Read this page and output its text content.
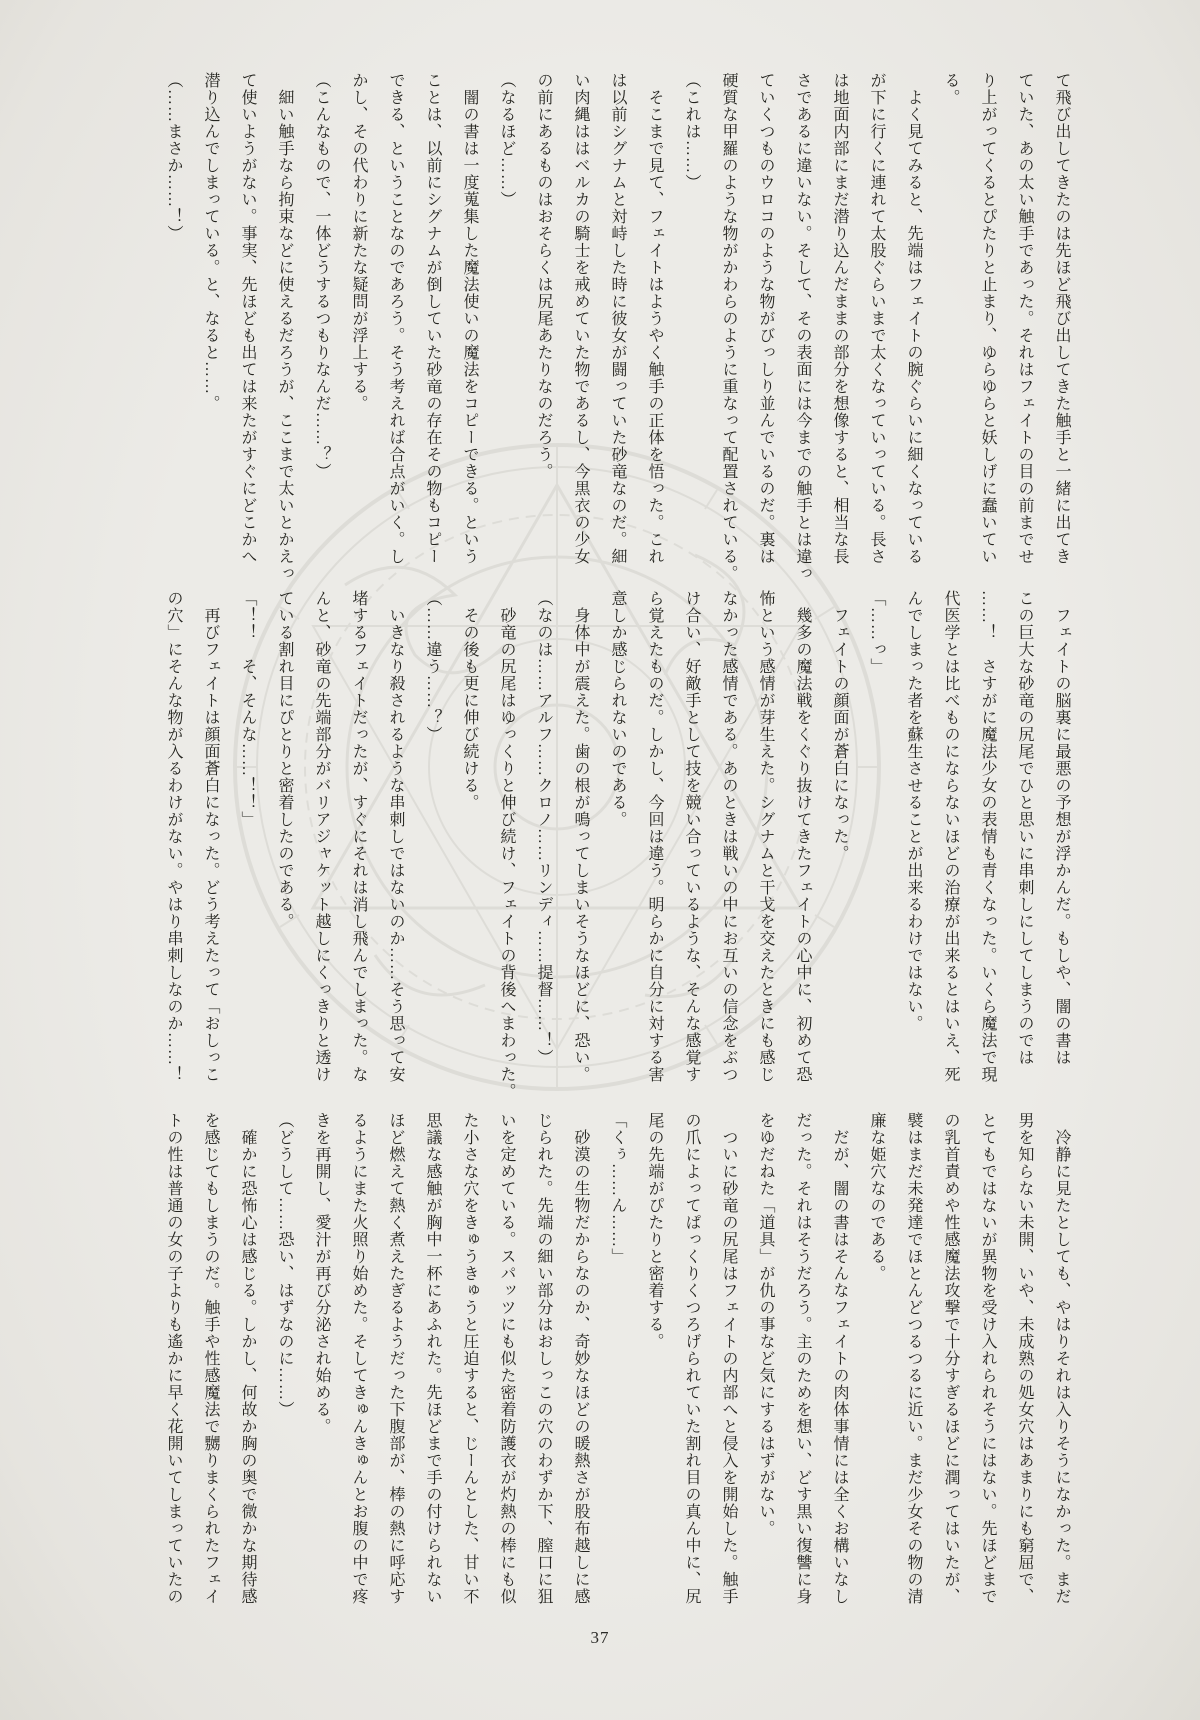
て飛び出してきたのは先ほど飛び出してきた触手と一緒に出てき

ていた、あの太い触手であった。それはフェイトの目の前までせ

り上がってくるとぴたりと止まり、ゆらゆらと妖しげに蠢いてい

る。

　よく見てみると、先端はフェイトの腕ぐらいに細くなっている

が下に行くに連れて太股ぐらいまで太くなっていっている。長さ

は地面内部にまだ潜り込んだままの部分を想像すると、相当な長

さであるに違いない。そして、その表面には今までの触手とは違っ

ていくつものウロコのような物がびっしり並んでいるのだ。裏は

硬質な甲羅のような物がかわらのように重なって配置されている。

（これは……）

　そこまで見て、フェイトはようやく触手の正体を悟った。これ

は以前シグナムと対峙した時に彼女が闘っていた砂竜なのだ。細

い肉縄ははベルカの騎士を戒めていた物であるし、今黒衣の少女

の前にあるものはおそらくは尻尾あたりなのだろう。

（なるほど……）

　闇の書は一度蒐集した魔法使いの魔法をコピーできる。という

ことは、以前にシグナムが倒していた砂竜の存在その物もコピー

できる、ということなのであろう。そう考えれば合点がいく。し

かし、その代わりに新たな疑問が浮上する。

（こんなもので、一体どうするつもりなんだ……？）

　細い触手なら拘束などに使えるだろうが、ここまで太いとかえっ

て使いようがない。事実、先ほども出ては来たがすぐにどこかへ

潜り込んでしまっている。と、なると……。

（……まさか……！）

　フェイトの脳裏に最悪の予想が浮かんだ。もしや、闇の書は

この巨大な砂竜の尻尾でひと思いに串刺しにしてしまうのでは

……！　さすがに魔法少女の表情も青くなった。いくら魔法で現

代医学とは比べものにならないほどの治療が出来るとはいえ、死

んでしまった者を蘇生させることが出来るわけではない。

「……っ」

　フェイトの顔面が蒼白になった。

　幾多の魔法戦をくぐり抜けてきたフェイトの心中に、初めて恐

怖という感情が芽生えた。シグナムと干戈を交えたときにも感じ

なかった感情である。あのときは戦いの中にお互いの信念をぶつ

け合い、好敵手として技を競い合っているような、そんな感覚す

ら覚えたものだ。しかし、今回は違う。明らかに自分に対する害

意しか感じられないのである。

　身体中が震えた。歯の根が鳴ってしまいそうなほどに、恐い。

（なのは……アルフ……クロノ……リンディ……提督……！）

　砂竜の尻尾はゆっくりと伸び続け、フェイトの背後へまわった。

　その後も更に伸び続ける。

（……違う……？）

　いきなり殺されるような串刺しではないのか……そう思って安

堵するフェイトだったが、すぐにそれは消し飛んでしまった。な

んと、砂竜の先端部分がバリアジャケット越しにくっきりと透け

ている割れ目にぴとりと密着したのである。

「！！　そ、そんな……！！」

　再びフェイトは顔面蒼白になった。どう考えたって「おしっこ

の穴」にそんな物が入るわけがない。やはり串刺しなのか……！

　冷静に見たとしても、やはりそれは入りそうになかった。まだ

男を知らない未開、いや、未成熟の処女穴はあまりにも窮屈で、

とてもではないが異物を受け入れられそうにはない。先ほどまで

の乳首責めや性感魔法攻撃で十分すぎるほどに潤ってはいたが、

襞はまだ未発達でほとんどつるつるに近い。まだ少女その物の清

廉な姫穴なのである。

　だが、闇の書はそんなフェイトの肉体事情には全くお構いなし

だった。それはそうだろう。主のためを想い、どす黒い復讐に身

をゆだねた「道具」が仇の事など気にするはずがない。

　ついに砂竜の尻尾はフェイトの内部へと侵入を開始した。触手

の爪によってぱっくりくつろげられていた割れ目の真ん中に、尻

尾の先端がぴたりと密着する。

「くぅ……ん……」

　砂漠の生物だからなのか、奇妙なほどの暖熱さが股布越しに感

じられた。先端の細い部分はおしっこの穴のわずか下、膣口に狙

いを定めている。スパッツにも似た密着防護衣が灼熱の棒にも似

た小さな穴をきゅうきゅうと圧迫すると、じーんとした、甘い不

思議な感触が胸中一杯にあふれた。先ほどまで手の付けられない

ほど燃えて熱く煮えたぎるようだった下腹部が、棒の熱に呼応す

るようにまた火照り始めた。そしてきゅんきゅんとお腹の中で疼

きを再開し、愛汁が再び分泌され始める。

（どうして……恐い、はずなのに……）

　確かに恐怖心は感じる。しかし、何故か胸の奥で微かな期待感

を感じてもしまうのだ。触手や性感魔法で嬲りまくられたフェイ

トの性は普通の女の子よりも遙かに早く花開いてしまっていたの

37
